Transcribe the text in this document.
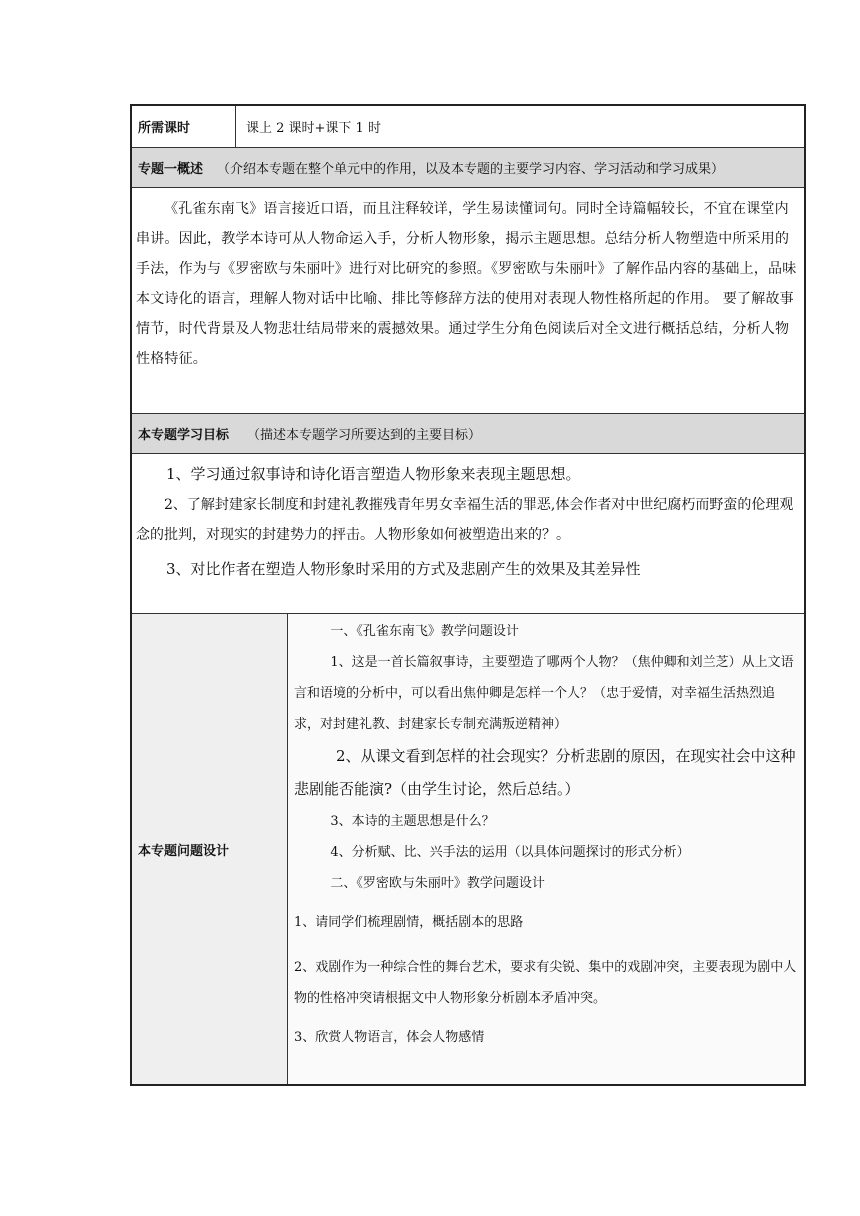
所需课时	课上 2 课时+课下 1 时
专题一概述 （介绍本专题在整个单元中的作用，以及本专题的主要学习内容、学习活动和学习成果）

《孔雀东南飞》语言接近口语，而且注释较详，学生易读懂词句。同时全诗篇幅较长，不宜在课堂内串讲。因此，教学本诗可从人物命运入手，分析人物形象，揭示主题思想。总结分析人物塑造中所采用的手法，作为与《罗密欧与朱丽叶》进行对比研究的参照。《罗密欧与朱丽叶》了解作品内容的基础上，品味本文诗化的语言，理解人物对话中比喻、排比等修辞方法的使用对表现人物性格所起的作用。 要了解故事情节，时代背景及人物悲壮结局带来的震撼效果。通过学生分角色阅读后对全文进行概括总结，分析人物性格特征。

本专题学习目标 （描述本专题学习所要达到的主要目标）

1、学习通过叙事诗和诗化语言塑造人物形象来表现主题思想。

2、了解封建家长制度和封建礼教摧残青年男女幸福生活的罪恶,体会作者对中世纪腐朽而野蛮的伦理观念的批判，对现实的封建势力的抨击。人物形象如何被塑造出来的？。

3、对比作者在塑造人物形象时采用的方式及悲剧产生的效果及其差异性

本专题问题设计
一、《孔雀东南飞》教学问题设计
1、这是一首长篇叙事诗，主要塑造了哪两个人物？（焦仲卿和刘兰芝）从上文语言和语境的分析中，可以看出焦仲卿是怎样一个人？（忠于爱情，对幸福生活热烈追求，对封建礼教、封建家长专制充满叛逆精神）
2、从课文看到怎样的社会现实？分析悲剧的原因，在现实社会中这种悲剧能否能演?（由学生讨论，然后总结。）
3、本诗的主题思想是什么？
4、分析赋、比、兴手法的运用（以具体问题探讨的形式分析）
二、《罗密欧与朱丽叶》教学问题设计
1、请同学们梳理剧情，概括剧本的思路
2、戏剧作为一种综合性的舞台艺术，要求有尖锐、集中的戏剧冲突，主要表现为剧中人物的性格冲突请根据文中人物形象分析剧本矛盾冲突。
3、欣赏人物语言，体会人物感情
